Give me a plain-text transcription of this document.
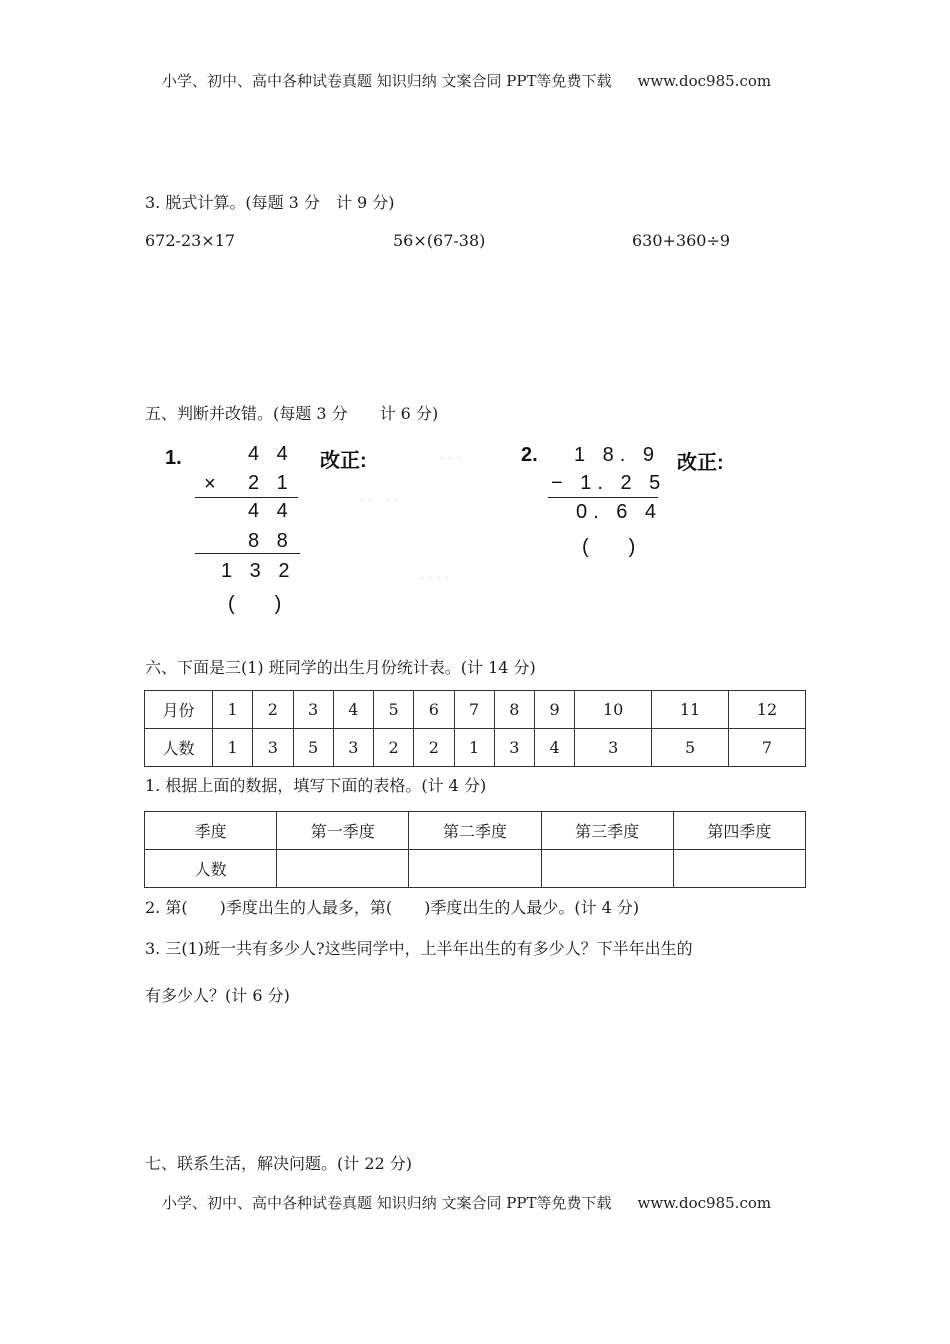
小学、初中、高中各种试卷真题 知识归纳 文案合同 PPT等免费下载 www.doc985.com
3. 脱式计算。(每题 3 分　计 9 分)
672-23×17	56×(67-38)	630+360÷9
五、判断并改错。(每题 3 分　　计 6 分)
· · ·
· ·　· ·
· · · ·
1.	4 4
× 2 1
4 4
8 8
1 3 2
(　　)
改正:	2. 1 8. 9
− 1. 2 5
0. 6 4
(　　)
改正:
六、下面是三(1) 班同学的出生月份统计表。(计 14 分)
月份	1	2	3	4	5	6	7	8	9	10	11	12
人数	1	3	5	3	2	2	1	3	4	3	5	7
1. 根据上面的数据，填写下面的表格。(计 4 分)
季度	第一季度	第二季度	第三季度	第四季度
人数				
2. 第(　　)季度出生的人最多，第(　　)季度出生的人最少。(计 4 分)
3. 三(1)班一共有多少人?这些同学中，上半年出生的有多少人？下半年出生的
有多少人？(计 6 分)
七、联系生活，解决问题。(计 22 分)
小学、初中、高中各种试卷真题 知识归纳 文案合同 PPT等免费下载 www.doc985.com
